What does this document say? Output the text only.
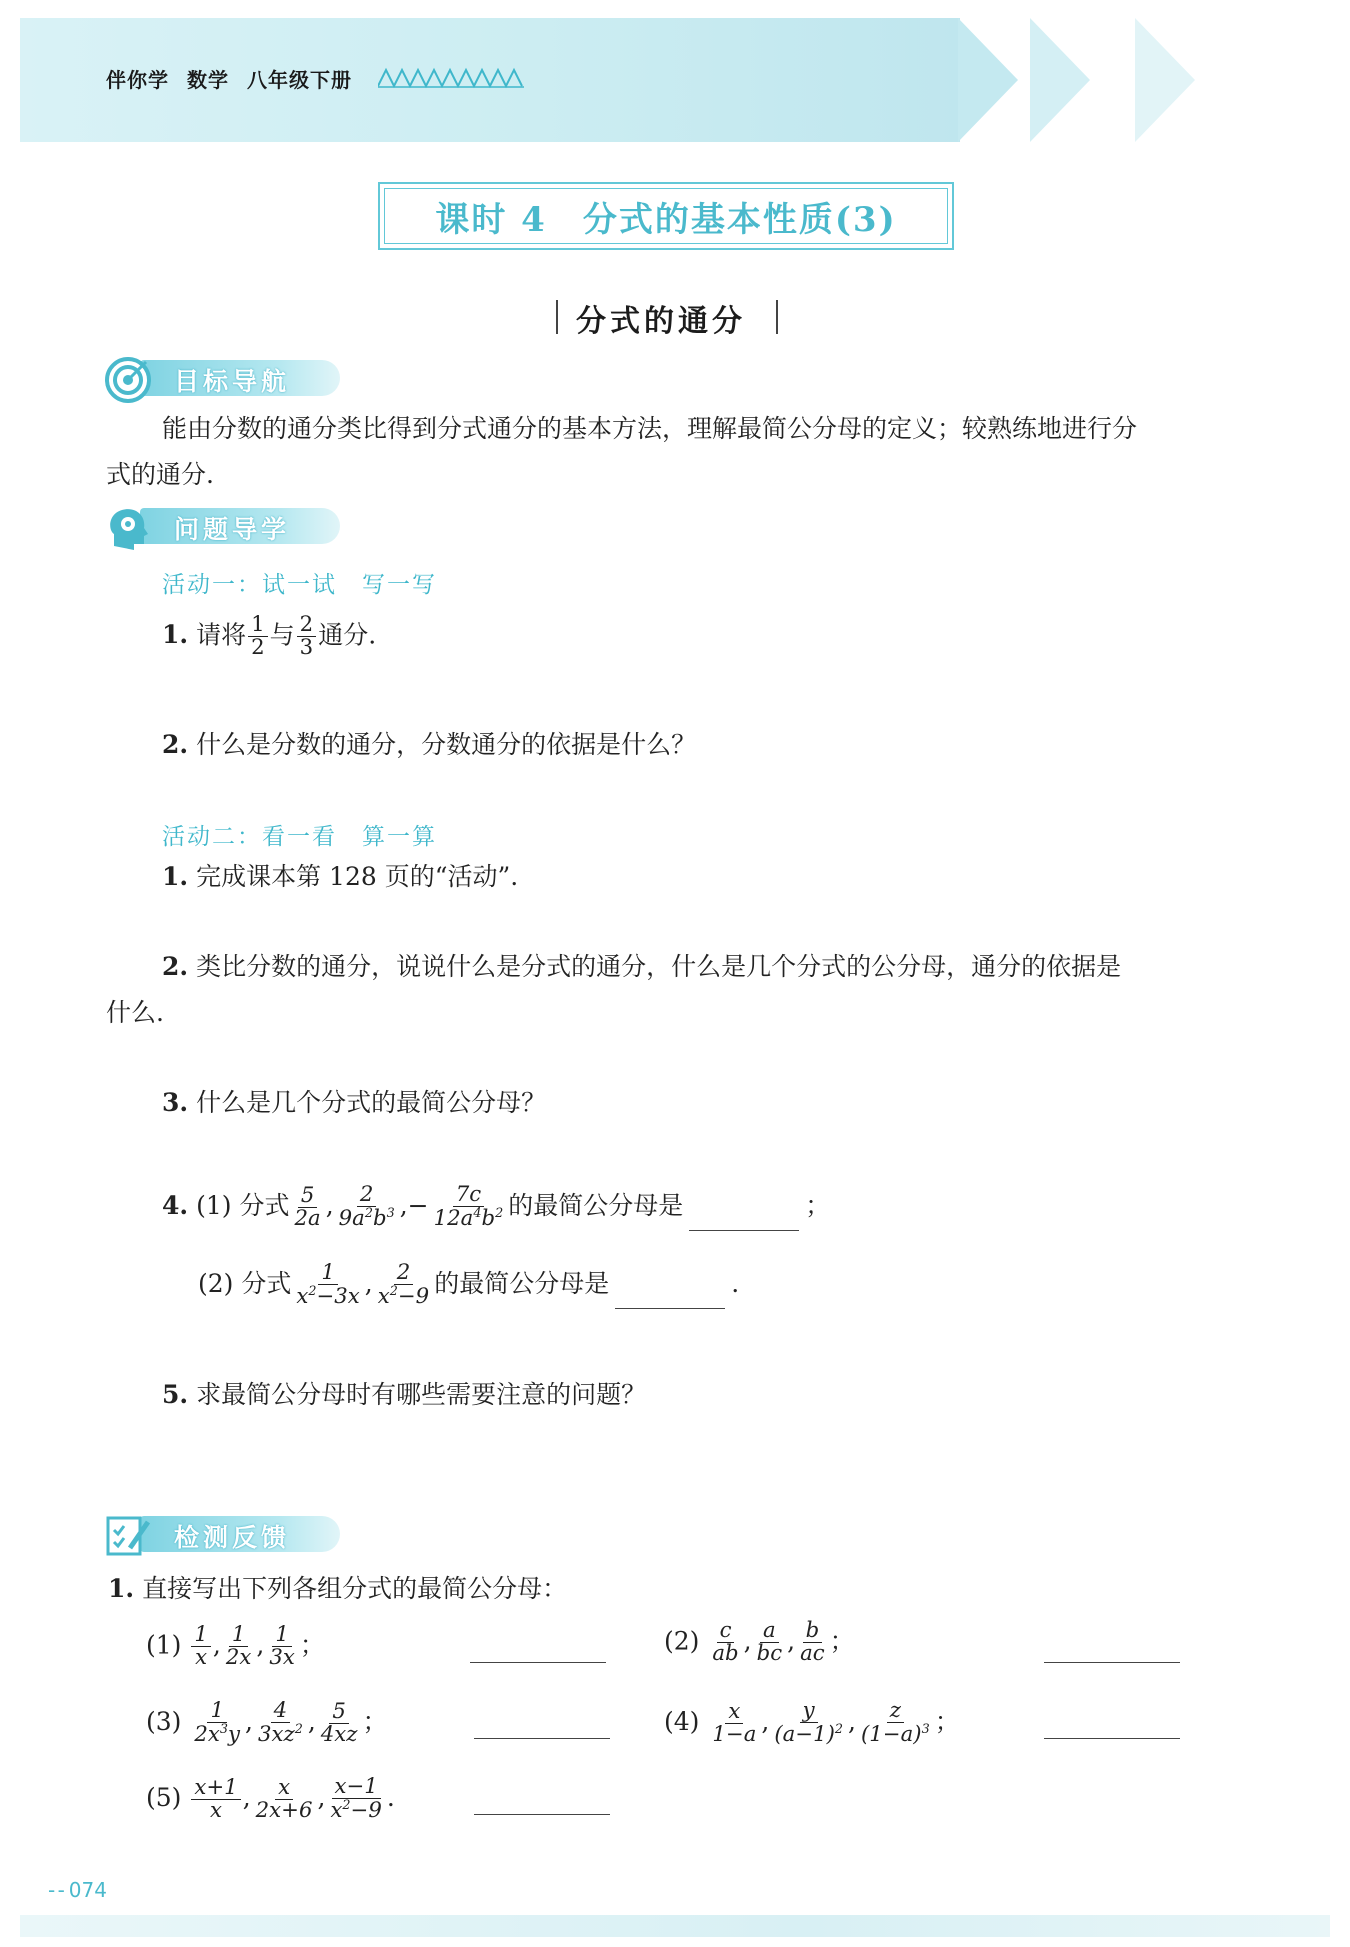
伴你学 数学 八年级下册
课时 4 分式的基本性质(3)
分式的通分
目标导航
能由分数的通分类比得到分式通分的基本方法，理解最简公分母的定义；较熟练地进行分
式的通分.
问题导学
活动一：试一试　写一写
1. 请将 $\frac{1}{2}$ 与 $\frac{2}{3}$ 通分.
2. 什么是分数的通分，分数通分的依据是什么？
活动二：看一看　算一算
1. 完成课本第 128 页的“活动”.
2. 类比分数的通分，说说什么是分式的通分，什么是几个分式的公分母，通分的依据是
什么.
3. 什么是几个分式的最简公分母？
4. (1) 分式 $\frac{5}{2a}$ , $\frac{2}{9a^2b^3}$ ,− $\frac{7c}{12a^4b^2}$ 的最简公分母是	；
(2) 分式 $\frac{1}{x^2-3x}$ , $\frac{2}{x^2-9}$ 的最简公分母是	.
5. 求最简公分母时有哪些需要注意的问题？
检测反馈
1. 直接写出下列各组分式的最简公分母：
$(1) \frac{1}{x}$ , $\frac{1}{2x}$ , $\frac{1}{3x}$ ；	$(2) \frac{c}{ab}$ , $\frac{a}{bc}$ , $\frac{b}{ac}$ ；
$(3) \frac{1}{2x^3y}$ , $\frac{4}{3xz^2}$ , $\frac{5}{4xz}$ ；	$(4) \frac{x}{1-a}$ , $\frac{y}{(a-1)^2}$ , $\frac{z}{(1-a)^3}$ ；
$(5) \frac{x+1}{x}$ , $\frac{x}{2x+6}$ , $\frac{x-1}{x^2-9}$ .
- - 074
